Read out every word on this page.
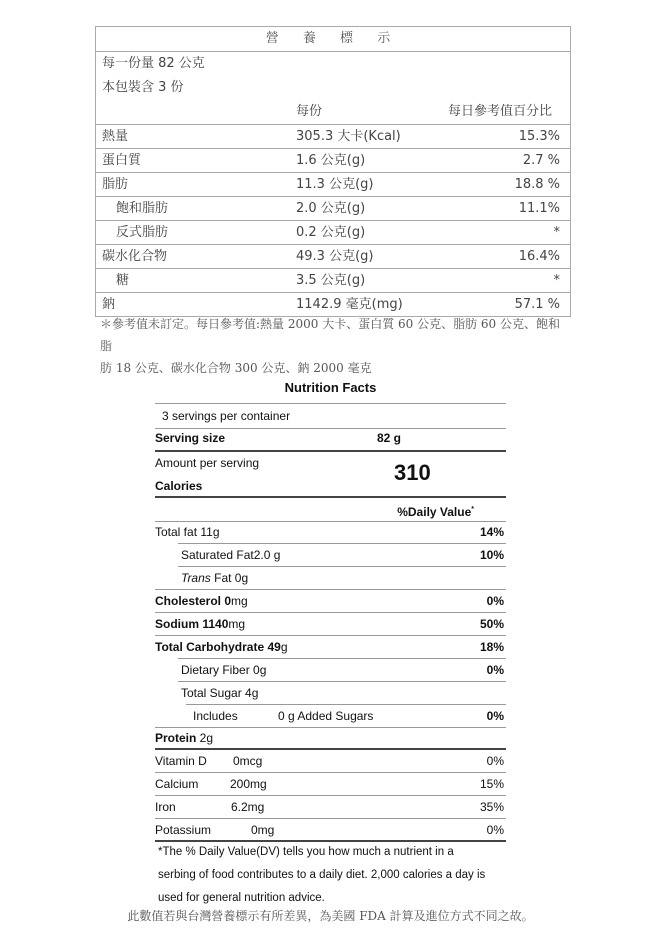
營 養 標 示
每一份量 82 公克
本包裝含 3 份
每份	每日參考值百分比
熱量	305.3 大卡(Kcal)	15.3%
蛋白質	1.6 公克(g)	2.7 %
脂肪	11.3 公克(g)	18.8 %
飽和脂肪	2.0 公克(g)	11.1%
反式脂肪	0.2 公克(g)	*
碳水化合物	49.3 公克(g)	16.4%
糖	3.5 公克(g)	*
鈉	1142.9 毫克(mg)	57.1 %
＊參考值未訂定。每日參考值:熱量 2000 大卡、蛋白質 60 公克、脂肪 60 公克、飽和脂
肪 18 公克、碳水化合物 300 公克、鈉 2000 毫克
Nutrition Facts
3 servings per container
Serving size	82 g
Amount per serving
Calories
310
%Daily Value*
Total fat 11g	14%
Saturated Fat2.0 g	10%
Trans Fat 0g
Cholesterol 0mg	0%
Sodium 1140mg	50%
Total Carbohydrate 49g	18%
Dietary Fiber 0g	0%
Total Sugar 4g
Includes	0 g Added Sugars	0%
Protein 2g
Vitamin D 0mcg	0%
Calcium	200mg	15%
Iron	6.2mg	35%
Potassium	0mg	0%
*The % Daily Value(DV) tells you how much a nutrient in a
serbing of food contributes to a daily diet. 2,000 calories a day is
used for general nutrition advice.
此數值若與台灣營養標示有所差異，為美國 FDA 計算及進位方式不同之故。
